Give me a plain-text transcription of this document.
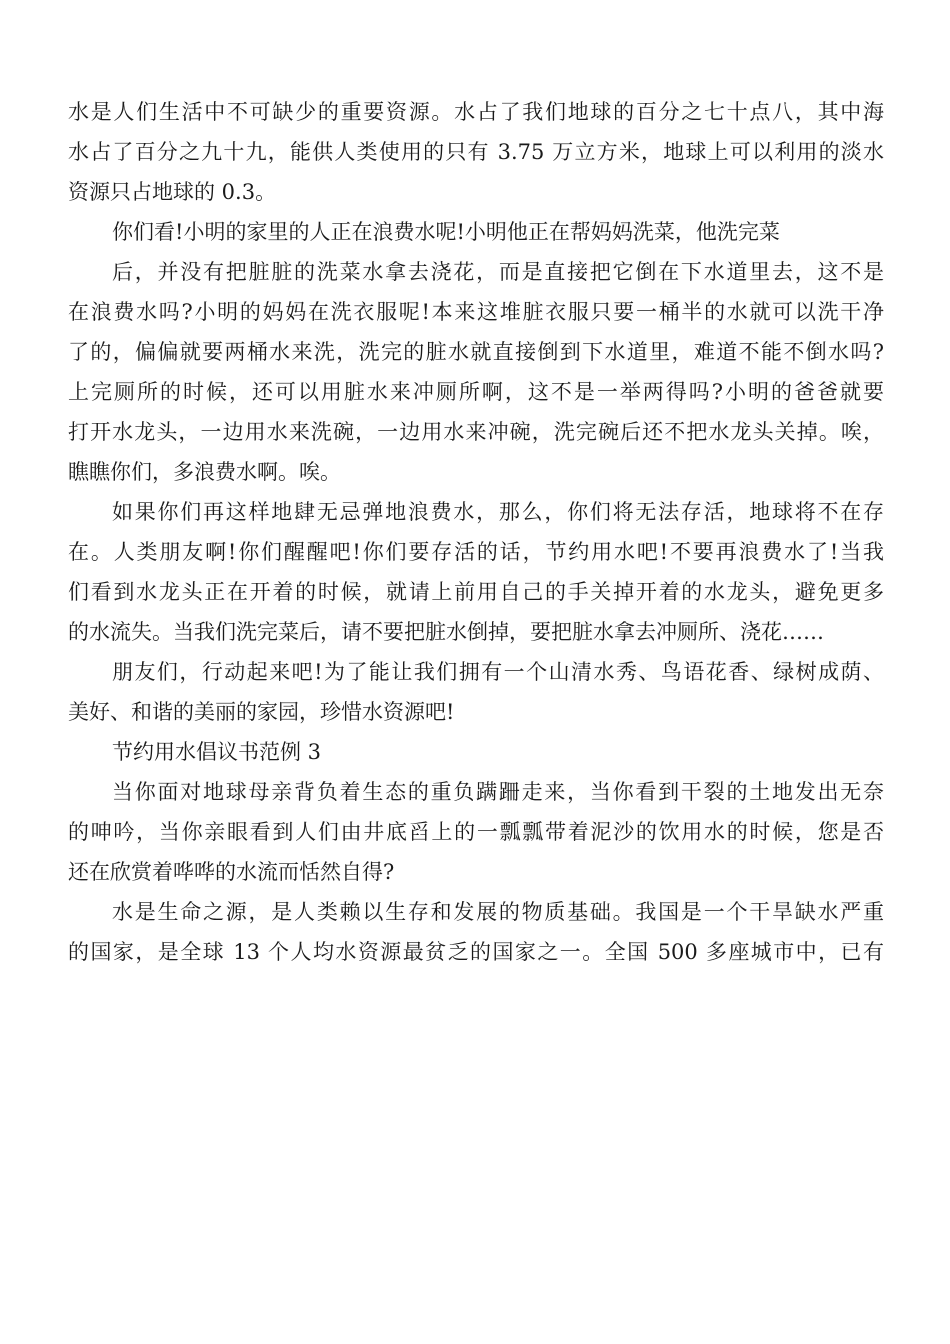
水是人们生活中不可缺少的重要资源。水占了我们地球的百分之七十点八，其中海
水占了百分之九十九，能供人类使用的只有 3.75 万立方米，地球上可以利用的淡水
资源只占地球的 0.3。
你们看!小明的家里的人正在浪费水呢!小明他正在帮妈妈洗菜，他洗完菜
后，并没有把脏脏的洗菜水拿去浇花，而是直接把它倒在下水道里去，这不是
在浪费水吗?小明的妈妈在洗衣服呢!本来这堆脏衣服只要一桶半的水就可以洗干净
了的，偏偏就要两桶水来洗，洗完的脏水就直接倒到下水道里，难道不能不倒水吗?
上完厕所的时候，还可以用脏水来冲厕所啊，这不是一举两得吗?小明的爸爸就要
打开水龙头，一边用水来洗碗，一边用水来冲碗，洗完碗后还不把水龙头关掉。唉，
瞧瞧你们，多浪费水啊。唉。
如果你们再这样地肆无忌弹地浪费水，那么，你们将无法存活，地球将不在存
在。人类朋友啊!你们醒醒吧!你们要存活的话，节约用水吧!不要再浪费水了!当我
们看到水龙头正在开着的时候，就请上前用自己的手关掉开着的水龙头，避免更多
的水流失。当我们洗完菜后，请不要把脏水倒掉，要把脏水拿去冲厕所、浇花……
朋友们，行动起来吧!为了能让我们拥有一个山清水秀、鸟语花香、绿树成荫、
美好、和谐的美丽的家园，珍惜水资源吧!
节约用水倡议书范例 3
当你面对地球母亲背负着生态的重负蹒跚走来，当你看到干裂的土地发出无奈
的呻吟，当你亲眼看到人们由井底舀上的一瓢瓢带着泥沙的饮用水的时候，您是否
还在欣赏着哗哗的水流而恬然自得?
水是生命之源，是人类赖以生存和发展的物质基础。我国是一个干旱缺水严重
的国家，是全球 13 个人均水资源最贫乏的国家之一。全国 500 多座城市中，已有
